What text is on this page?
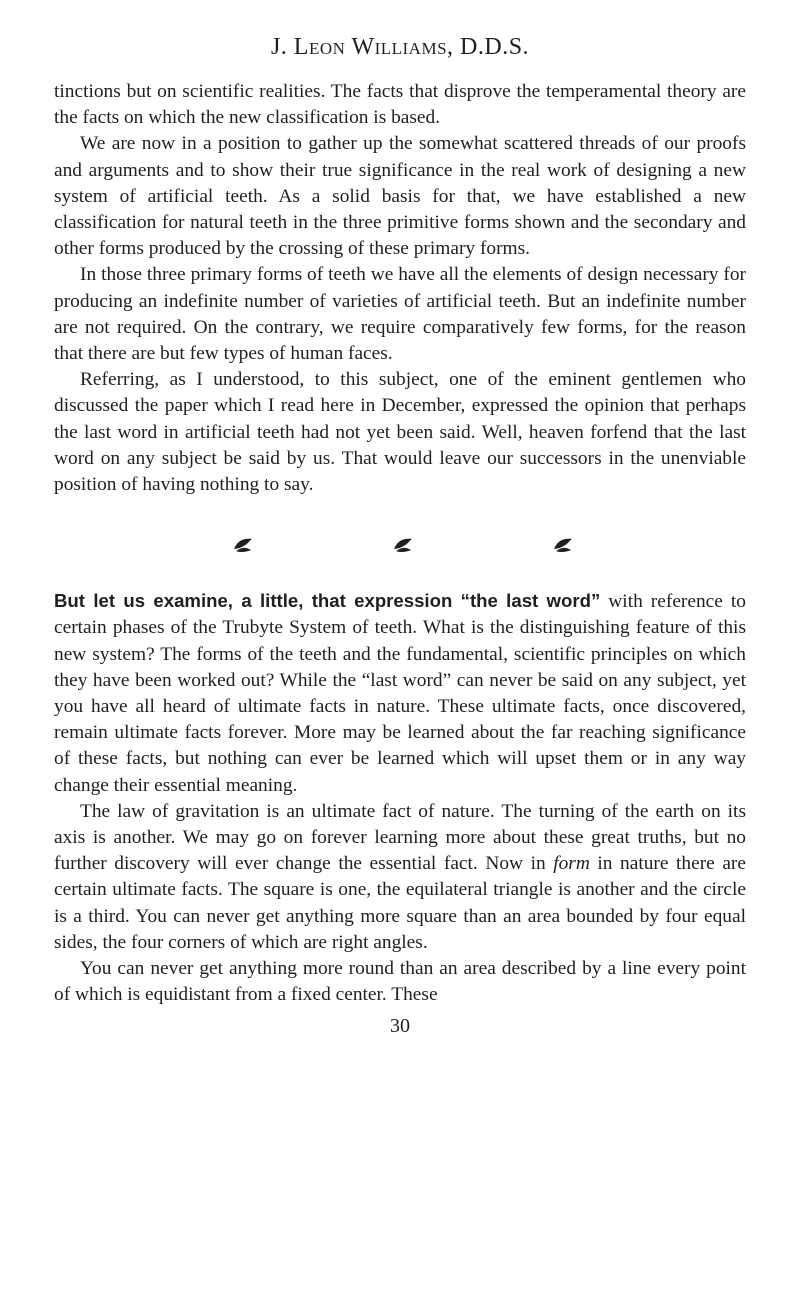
J. Leon Williams, D.D.S.

tinctions but on scientific realities. The facts that disprove the temperamental theory are the facts on which the new classification is based.

We are now in a position to gather up the somewhat scattered threads of our proofs and arguments and to show their true significance in the real work of designing a new system of artificial teeth. As a solid basis for that, we have established a new classification for natural teeth in the three primitive forms shown and the secondary and other forms produced by the crossing of these primary forms.

In those three primary forms of teeth we have all the elements of design necessary for producing an indefinite number of varieties of artificial teeth. But an indefinite number are not required. On the contrary, we require comparatively few forms, for the reason that there are but few types of human faces.

Referring, as I understood, to this subject, one of the eminent gentlemen who discussed the paper which I read here in December, expressed the opinion that perhaps the last word in artificial teeth had not yet been said. Well, heaven forfend that the last word on any subject be said by us. That would leave our successors in the unenviable position of having nothing to say.

But let us examine, a little, that expression “the last word” with reference to certain phases of the Trubyte System of teeth. What is the distinguishing feature of this new system? The forms of the teeth and the fundamental, scientific principles on which they have been worked out? While the “last word” can never be said on any subject, yet you have all heard of ultimate facts in nature. These ultimate facts, once discovered, remain ultimate facts forever. More may be learned about the far reaching significance of these facts, but nothing can ever be learned which will upset them or in any way change their essential meaning.

The law of gravitation is an ultimate fact of nature. The turning of the earth on its axis is another. We may go on forever learning more about these great truths, but no further discovery will ever change the essential fact. Now in form in nature there are certain ultimate facts. The square is one, the equilateral triangle is another and the circle is a third. You can never get anything more square than an area bounded by four equal sides, the four corners of which are right angles.

You can never get anything more round than an area described by a line every point of which is equidistant from a fixed center. These

30
